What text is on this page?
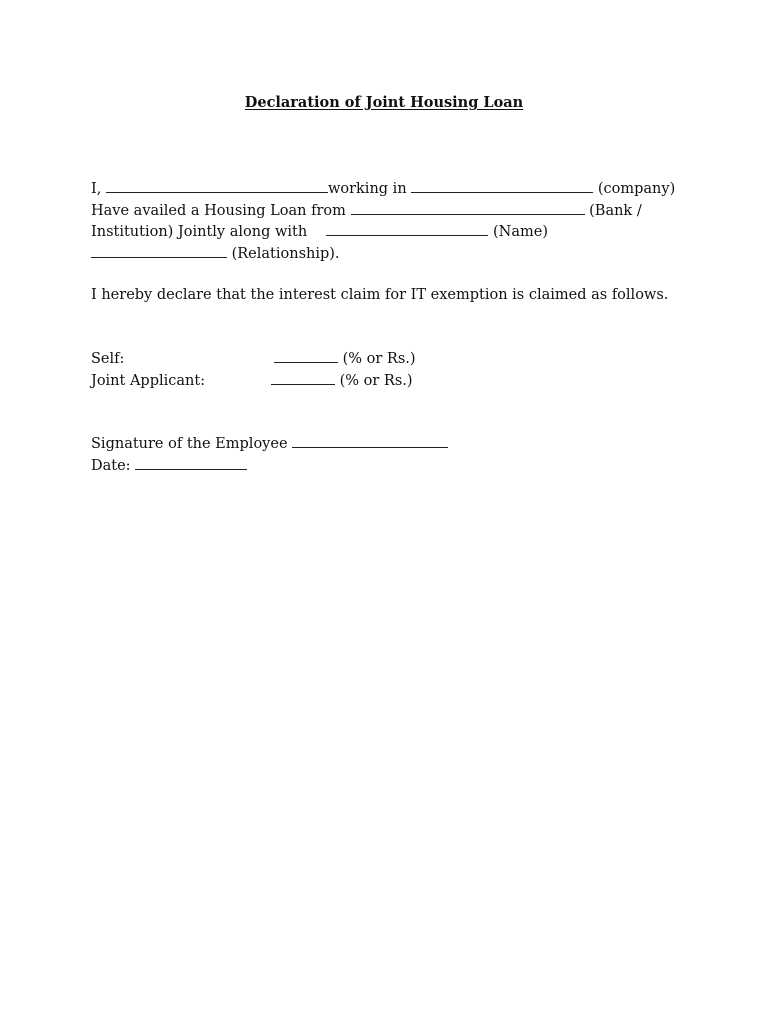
Declaration of Joint Housing Loan
I,	working in	(company)
Have availed a Housing Loan from	(Bank /
Institution) Jointly along with	(Name)
(Relationship).
I hereby declare that the interest claim for IT exemption is claimed as follows.
Self:	(% or Rs.)
Joint Applicant:	(% or Rs.)
Signature of the Employee
Date:
